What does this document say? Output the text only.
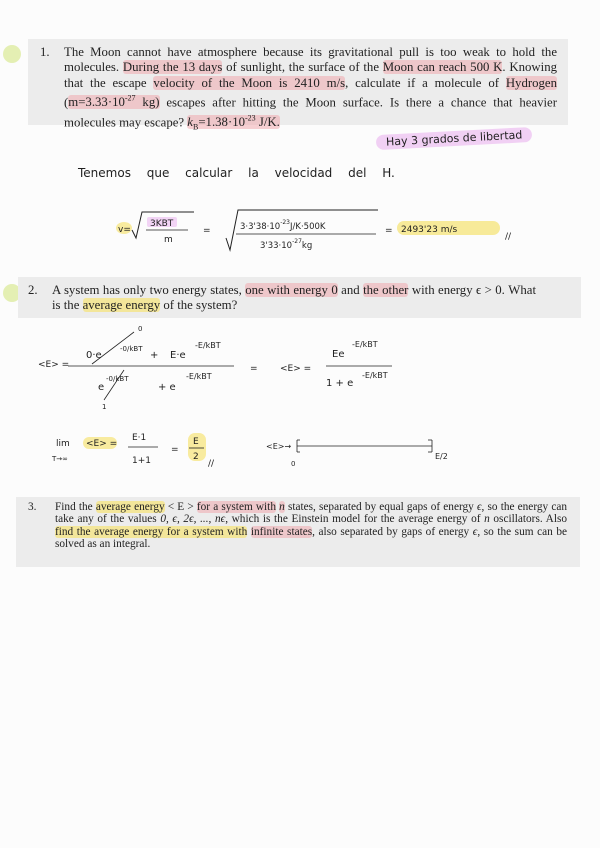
1. The Moon cannot have atmosphere because its gravitational pull is too weak to hold the molecules. During the 13 days of sunlight, the surface of the Moon can reach 500 K. Knowing that the escape velocity of the Moon is 2410 m/s, calculate if a molecule of Hydrogen ($m=3.33\cdot 10^{-27}$ kg) escapes after hitting the Moon surface. Is there a chance that heavier molecules may escape? $k_B=1.38\cdot 10^{-23}$ J/K.
Hay 3 grados de libertad
Tenemos que calcular la velocidad del H.
v=
3KBT
m
=	$3\cdot 3'38\cdot 10^{-23}J/K\cdot 500K$
$3'33\cdot 10^{-27}kg$
= 2493'23 m/s
//
<E> =
0·e
-0/kBT
0
+ E·e
-E/kBT
e
-0/kBT
1
+ e
-E/kBT
= <E> =
Ee
-E/kBT
1 + e
-E/kBT
lim
T→∞
<E> =
E·1
1+1
=
E
2
//
<E>→
0
E/2
2. A system has only two energy states, one with energy 0 and the other with energy ϵ > 0. What is the average energy of the system?
3. Find the average energy < E > for a system with n states, separated by equal gaps of energy ϵ, so the energy can take any of the values 0, ϵ, 2ϵ, ..., nϵ, which is the Einstein model for the average energy of n oscillators. Also find the average energy for a system with infinite states, also separated by gaps of energy ϵ, so the sum can be solved as an integral.
